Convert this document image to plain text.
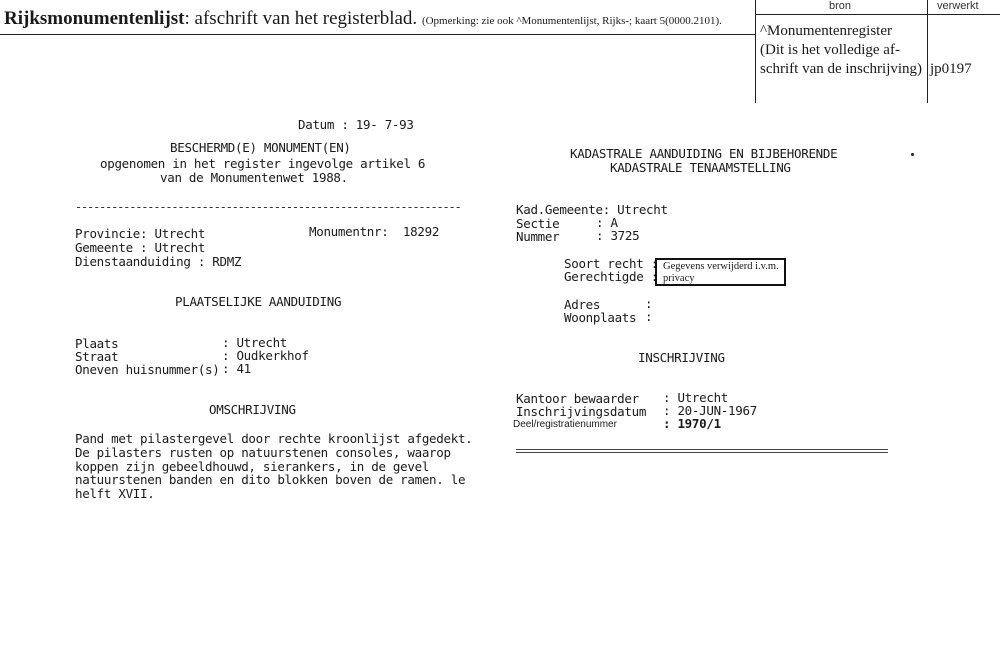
Rijksmonumentenlijst: afschrift van het registerblad. (Opmerking: zie ook ^Monumentenlijst, Rijks-; kaart 5(0000.2101).
bron	verwerkt
^Monumentenregister
(Dit is het volledige af-
schrift van de inschrijving) jp0197
Datum : 19- 7-93
BESCHERMD(E) MONUMENT(EN)
opgenomen in het register ingevolge artikel 6
van de Monumentenwet 1988.
----------------------------------------------------------------
Provincie: Utrecht	Monumentnr:  18292
Gemeente : Utrecht
Dienstaanduiding : RDMZ
PLAATSELIJKE AANDUIDING
Plaats	: Utrecht
Straat	: Oudkerkhof
Oneven huisnummer(s) : 41
OMSCHRIJVING
Pand met pilastergevel door rechte kroonlijst afgedekt.
De pilasters rusten op natuurstenen consoles, waarop
koppen zijn gebeeldhouwd, sierankers, in de gevel
natuurstenen banden en dito blokken boven de ramen. le
helft XVII.
KADASTRALE AANDUIDING EN BIJBEHORENDE
KADASTRALE TENAAMSTELLING
Kad.Gemeente: Utrecht
Sectie	: A
Nummer	: 3725
Soort recht :
Gerechtigde :
Gegevens verwijderd i.v.m. privacy
Adres	:
Woonplaats :
INSCHRIJVING
Kantoor bewaarder : Utrecht
Inschrijvingsdatum : 20-JUN-1967
Deel/registratienummer	: 1970/1
